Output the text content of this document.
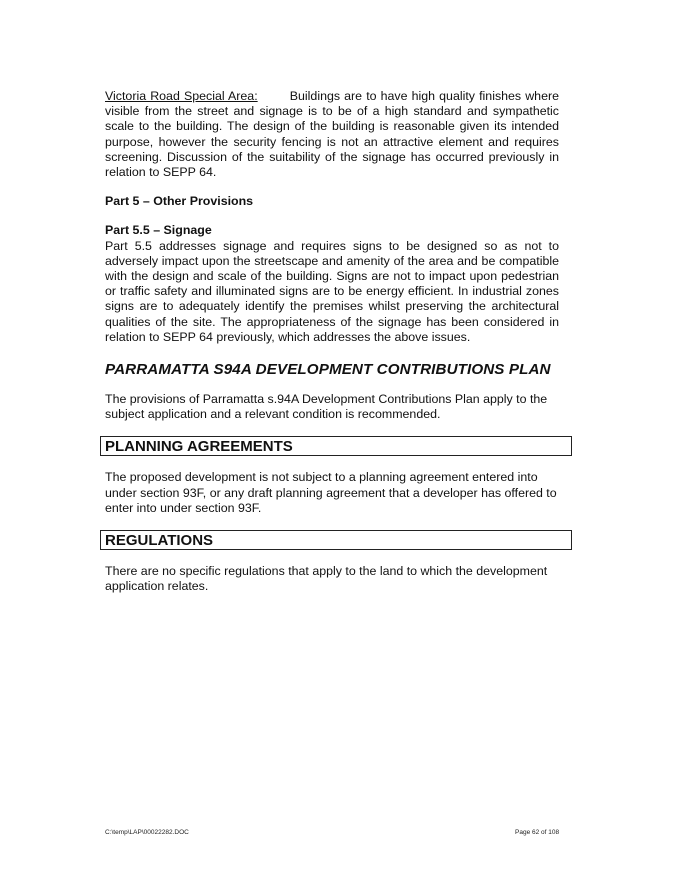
Victoria Road Special Area:	Buildings are to have high quality finishes where visible from the street and signage is to be of a high standard and sympathetic scale to the building. The design of the building is reasonable given its intended purpose, however the security fencing is not an attractive element and requires screening. Discussion of the suitability of the signage has occurred previously in relation to SEPP 64.

Part 5 – Other Provisions
Part 5.5 – Signage

Part 5.5 addresses signage and requires signs to be designed so as not to adversely impact upon the streetscape and amenity of the area and be compatible with the design and scale of the building. Signs are not to impact upon pedestrian or traffic safety and illuminated signs are to be energy efficient. In industrial zones signs are to adequately identify the premises whilst preserving the architectural qualities of the site. The appropriateness of the signage has been considered in relation to SEPP 64 previously, which addresses the above issues.

PARRAMATTA S94A DEVELOPMENT CONTRIBUTIONS PLAN

The provisions of Parramatta s.94A Development Contributions Plan apply to the subject application and a relevant condition is recommended.

PLANNING AGREEMENTS

The proposed development is not subject to a planning agreement entered into under section 93F, or any draft planning agreement that a developer has offered to enter into under section 93F.

REGULATIONS

There are no specific regulations that apply to the land to which the development application relates.

C:\temp\LAP\00022282.DOC	Page 62 of 108
